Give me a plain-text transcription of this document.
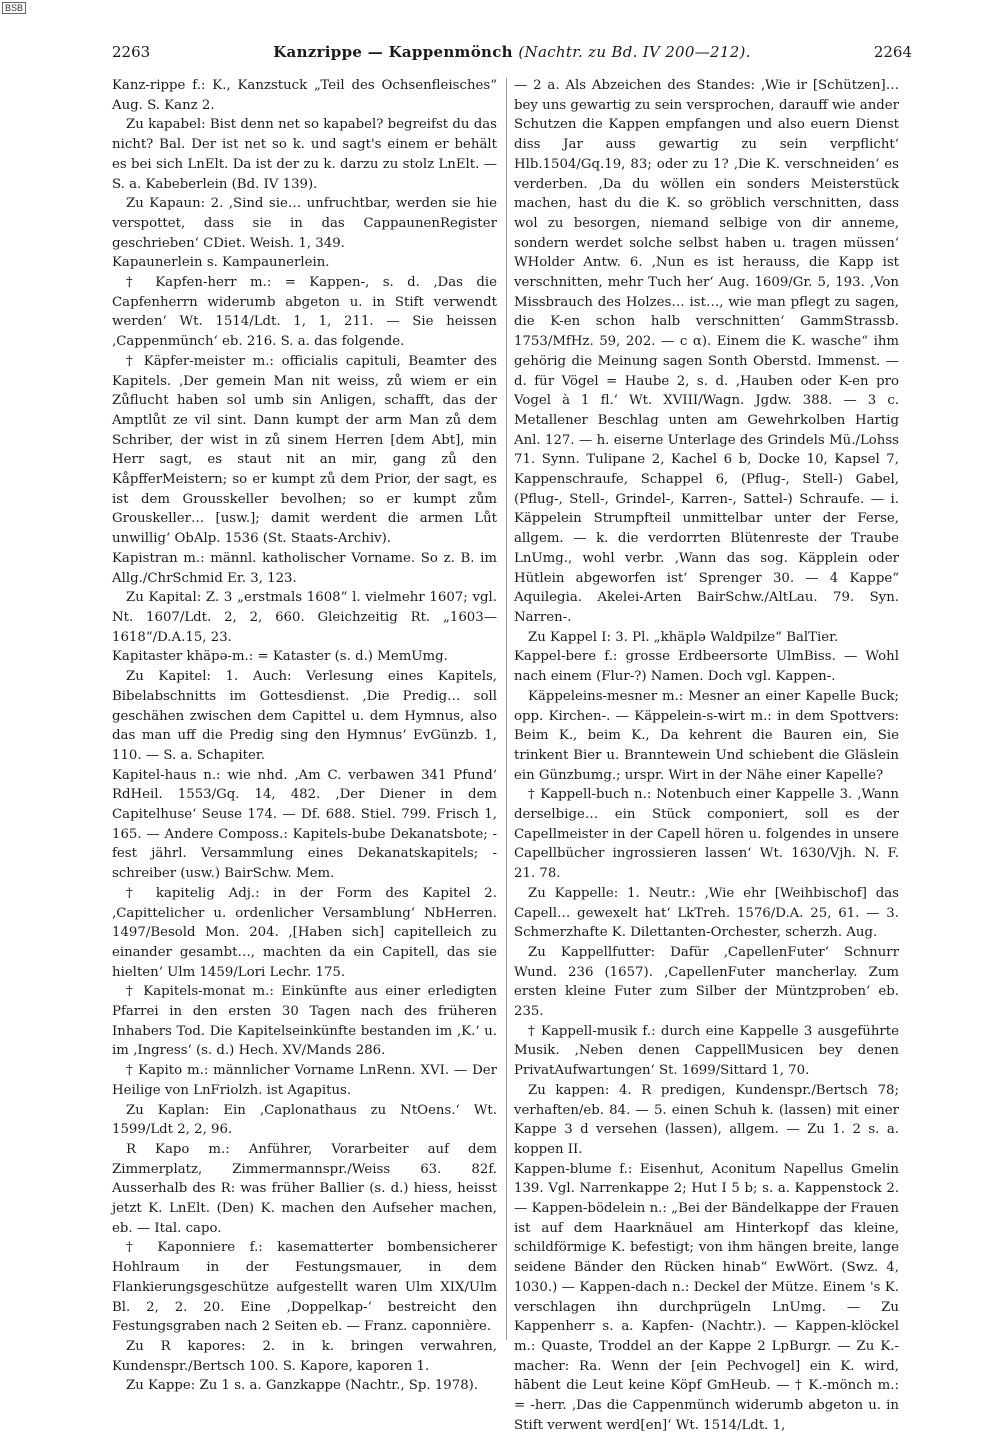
BSB
2263	Kanzrippe — Kappenmönch (Nachtr. zu Bd. IV 200—212).	2264

Kanz-rippe f.: K., Kanzstuck „Teil des Ochsenfleisches“ Aug. S. Kanz 2.

Zu kapabel: Bist denn net so kapabel? begreifst du das nicht? Bal. Der ist net so k. und sagt's einem er behält es bei sich LnElt. Da ist der zu k. darzu zu stolz LnElt. — S. a. Kabeberlein (Bd. IV 139).

Zu Kapaun: 2. ‚Sind sie… unfruchtbar, werden sie hie verspottet, dass sie in das CappaunenRegister geschrieben‘ CDiet. Weish. 1, 349.

Kapaunerlein s. Kampaunerlein.

† Kapfen-herr m.: = Kappen-, s. d. ‚Das die Capfenherrn widerumb abgeton u. in Stift verwendt werden‘ Wt. 1514/Ldt. 1, 1, 211. — Sie heissen ‚Cappenmünch‘ eb. 216. S. a. das folgende.

† Käpfer-meister m.: officialis capituli, Beamter des Kapitels. ‚Der gemein Man nit weiss, zů wiem er ein Zůflucht haben sol umb sin Anligen, schafft, das der Amptlůt ze vil sint. Dann kumpt der arm Man zů dem Schriber, der wist in zů sinem Herren [dem Abt], min Herr sagt, es staut nit an mir, gang zů den KåpfferMeistern; so er kumpt zů dem Prior, der sagt, es ist dem Grousskeller bevolhen; so er kumpt zům Grouskeller… [usw.]; damit werdent die armen Lůt unwillig‘ ObAlp. 1536 (St. Staats-Archiv).

Kapistran m.: männl. katholischer Vorname. So z. B. im Allg./ChrSchmid Er. 3, 123.

Zu Kapital: Z. 3 „erstmals 1608“ l. vielmehr 1607; vgl. Nt. 1607/Ldt. 2, 2, 660. Gleichzeitig Rt. „1603—1618“/D.A.15, 23.

Kapitaster khäpə-m.: = Kataster (s. d.) MemUmg.

Zu Kapitel: 1. Auch: Verlesung eines Kapitels, Bibelabschnitts im Gottesdienst. ‚Die Predig… soll geschähen zwischen dem Capittel u. dem Hymnus, also das man uff die Predig sing den Hymnus‘ EvGünzb. 1, 110. — S. a. Schapiter.

Kapitel-haus n.: wie nhd. ‚Am C. verbawen 341 Pfund‘ RdHeil. 1553/Gq. 14, 482. ‚Der Diener in dem Capitelhuse‘ Seuse 174. — Df. 688. Stiel. 799. Frisch 1, 165. — Andere Composs.: Kapitels-bube Dekanatsbote; -fest jährl. Versammlung eines Dekanatskapitels; -schreiber (usw.) BairSchw. Mem.

† kapitelig Adj.: in der Form des Kapitel 2. ‚Capittelicher u. ordenlicher Versamblung‘ NbHerren. 1497/Besold Mon. 204. ‚[Haben sich] capitelleich zu einander gesambt…, machten da ein Capitell, das sie hielten‘ Ulm 1459/Lori Lechr. 175.

† Kapitels-monat m.: Einkünfte aus einer erledigten Pfarrei in den ersten 30 Tagen nach des früheren Inhabers Tod. Die Kapitelseinkünfte bestanden im ‚K.‘ u. im ‚Ingress‘ (s. d.) Hech. XV/Mands 286.

† Kapito m.: männlicher Vorname LnRenn. XVI. — Der Heilige von LnFriolzh. ist Agapitus.

Zu Kaplan: Ein ‚Caplonathaus zu NtOens.‘ Wt. 1599/Ldt 2, 2, 96.

R Kapo m.: Anführer, Vorarbeiter auf dem Zimmerplatz, Zimmermannspr./Weiss 63. 82f. Ausserhalb des R: was früher Ballier (s. d.) hiess, heisst jetzt K. LnElt. (Den) K. machen den Aufseher machen, eb. — Ital. capo.

† Kaponniere f.: kasematterter bombensicherer Hohlraum in der Festungsmauer, in dem Flankierungsgeschütze aufgestellt waren Ulm XIX/Ulm Bl. 2, 2. 20. Eine ‚Doppelkap-‘ bestreicht den Festungsgraben nach 2 Seiten eb. — Franz. caponnière.

Zu R kapores: 2. in k. bringen verwahren, Kundenspr./Bertsch 100. S. Kapore, kaporen 1.

Zu Kappe: Zu 1 s. a. Ganzkappe (Nachtr., Sp. 1978).

— 2 a. Als Abzeichen des Standes: ‚Wie ir [Schützen]… bey uns gewartig zu sein versprochen, darauff wie ander Schutzen die Kappen empfangen und also euern Dienst diss Jar auss gewartig zu sein verpflicht‘ Hlb.1504/Gq.19, 83; oder zu 1? ‚Die K. verschneiden‘ es verderben. ‚Da du wöllen ein sonders Meisterstück machen, hast du die K. so gröblich verschnitten, dass wol zu besorgen, niemand selbige von dir anneme, sondern werdet solche selbst haben u. tragen müssen‘ WHolder Antw. 6. ‚Nun es ist herauss, die Kapp ist verschnitten, mehr Tuch her‘ Aug. 1609/Gr. 5, 193. ‚Von Missbrauch des Holzes… ist…, wie man pflegt zu sagen, die K-en schon halb verschnitten‘ GammStrassb. 1753/MfHz. 59, 202. — c α). Einem die K. wasche“ ihm gehörig die Meinung sagen Sonth Oberstd. Immenst. — d. für Vögel = Haube 2, s. d. ‚Hauben oder K-en pro Vogel à 1 fl.‘ Wt. XVIII/Wagn. Jgdw. 388. — 3 c. Metallener Beschlag unten am Gewehrkolben Hartig Anl. 127. — h. eiserne Unterlage des Grindels Mü./Lohss 71. Synn. Tulipane 2, Kachel 6 b, Docke 10, Kapsel 7, Kappenschraufe, Schappel 6, (Pflug-, Stell-) Gabel, (Pflug-, Stell-, Grindel-, Karren-, Sattel-) Schraufe. — i. Käppelein Strumpfteil unmittelbar unter der Ferse, allgem. — k. die verdorrten Blütenreste der Traube LnUmg., wohl verbr. ‚Wann das sog. Käpplein oder Hütlein abgeworfen ist‘ Sprenger 30. — 4 Kappe“ Aquilegia. Akelei-Arten BairSchw./AltLau. 79. Syn. Narren-.

Zu Kappel I: 3. Pl. „khäplə Waldpilze“ BalTier.

Kappel-bere f.: grosse Erdbeersorte UlmBiss. — Wohl nach einem (Flur-?) Namen. Doch vgl. Kappen-.

Käppeleins-mesner m.: Mesner an einer Kapelle Buck; opp. Kirchen-. — Käppelein-s-wirt m.: in dem Spottvers: Beim K., beim K., Da kehrent die Bauren ein, Sie trinkent Bier u. Branntewein Und schiebent die Gläslein ein Günzbumg.; urspr. Wirt in der Nähe einer Kapelle?

† Kappell-buch n.: Notenbuch einer Kappelle 3. ‚Wann derselbige… ein Stück componiert, soll es der Capellmeister in der Capell hören u. folgendes in unsere Capellbücher ingrossieren lassen‘ Wt. 1630/Vjh. N. F. 21. 78.

Zu Kappelle: 1. Neutr.: ‚Wie ehr [Weihbischof] das Capell… gewexelt hat‘ LkTreh. 1576/D.A. 25, 61. — 3. Schmerzhafte K. Dilettanten-Orchester, scherzh. Aug.

Zu Kappellfutter: Dafür ‚CapellenFuter‘ Schnurr Wund. 236 (1657). ‚CapellenFuter mancherlay. Zum ersten kleine Futer zum Silber der Müntzproben‘ eb. 235.

† Kappell-musik f.: durch eine Kappelle 3 ausgeführte Musik. ‚Neben denen CappellMusicen bey denen PrivatAufwartungen‘ St. 1699/Sittard 1, 70.

Zu kappen: 4. R predigen, Kundenspr./Bertsch 78; verhaften/eb. 84. — 5. einen Schuh k. (lassen) mit einer Kappe 3 d versehen (lassen), allgem. — Zu 1. 2 s. a. koppen II.

Kappen-blume f.: Eisenhut, Aconitum Napellus Gmelin 139. Vgl. Narrenkappe 2; Hut I 5 b; s. a. Kappenstock 2. — Kappen-bödelein n.: „Bei der Bändelkappe der Frauen ist auf dem Haarknäuel am Hinterkopf das kleine, schildförmige K. befestigt; von ihm hängen breite, lange seidene Bänder den Rücken hinab“ EwWört. (Swz. 4, 1030.) — Kappen-dach n.: Deckel der Mütze. Einem 's K. verschlagen ihn durchprügeln LnUmg. — Zu Kappenherr s. a. Kapfen- (Nachtr.). — Kappen-klöckel m.: Quaste, Troddel an der Kappe 2 LpBurgr. — Zu K.-macher: Ra. Wenn der [ein Pechvogel] ein K. wird, hābent die Leut keine Köpf GmHeub. — † K.-mönch m.: = -herr. ‚Das die Cappenmünch widerumb abgeton u. in Stift verwent werd[en]‘ Wt. 1514/Ldt. 1,
